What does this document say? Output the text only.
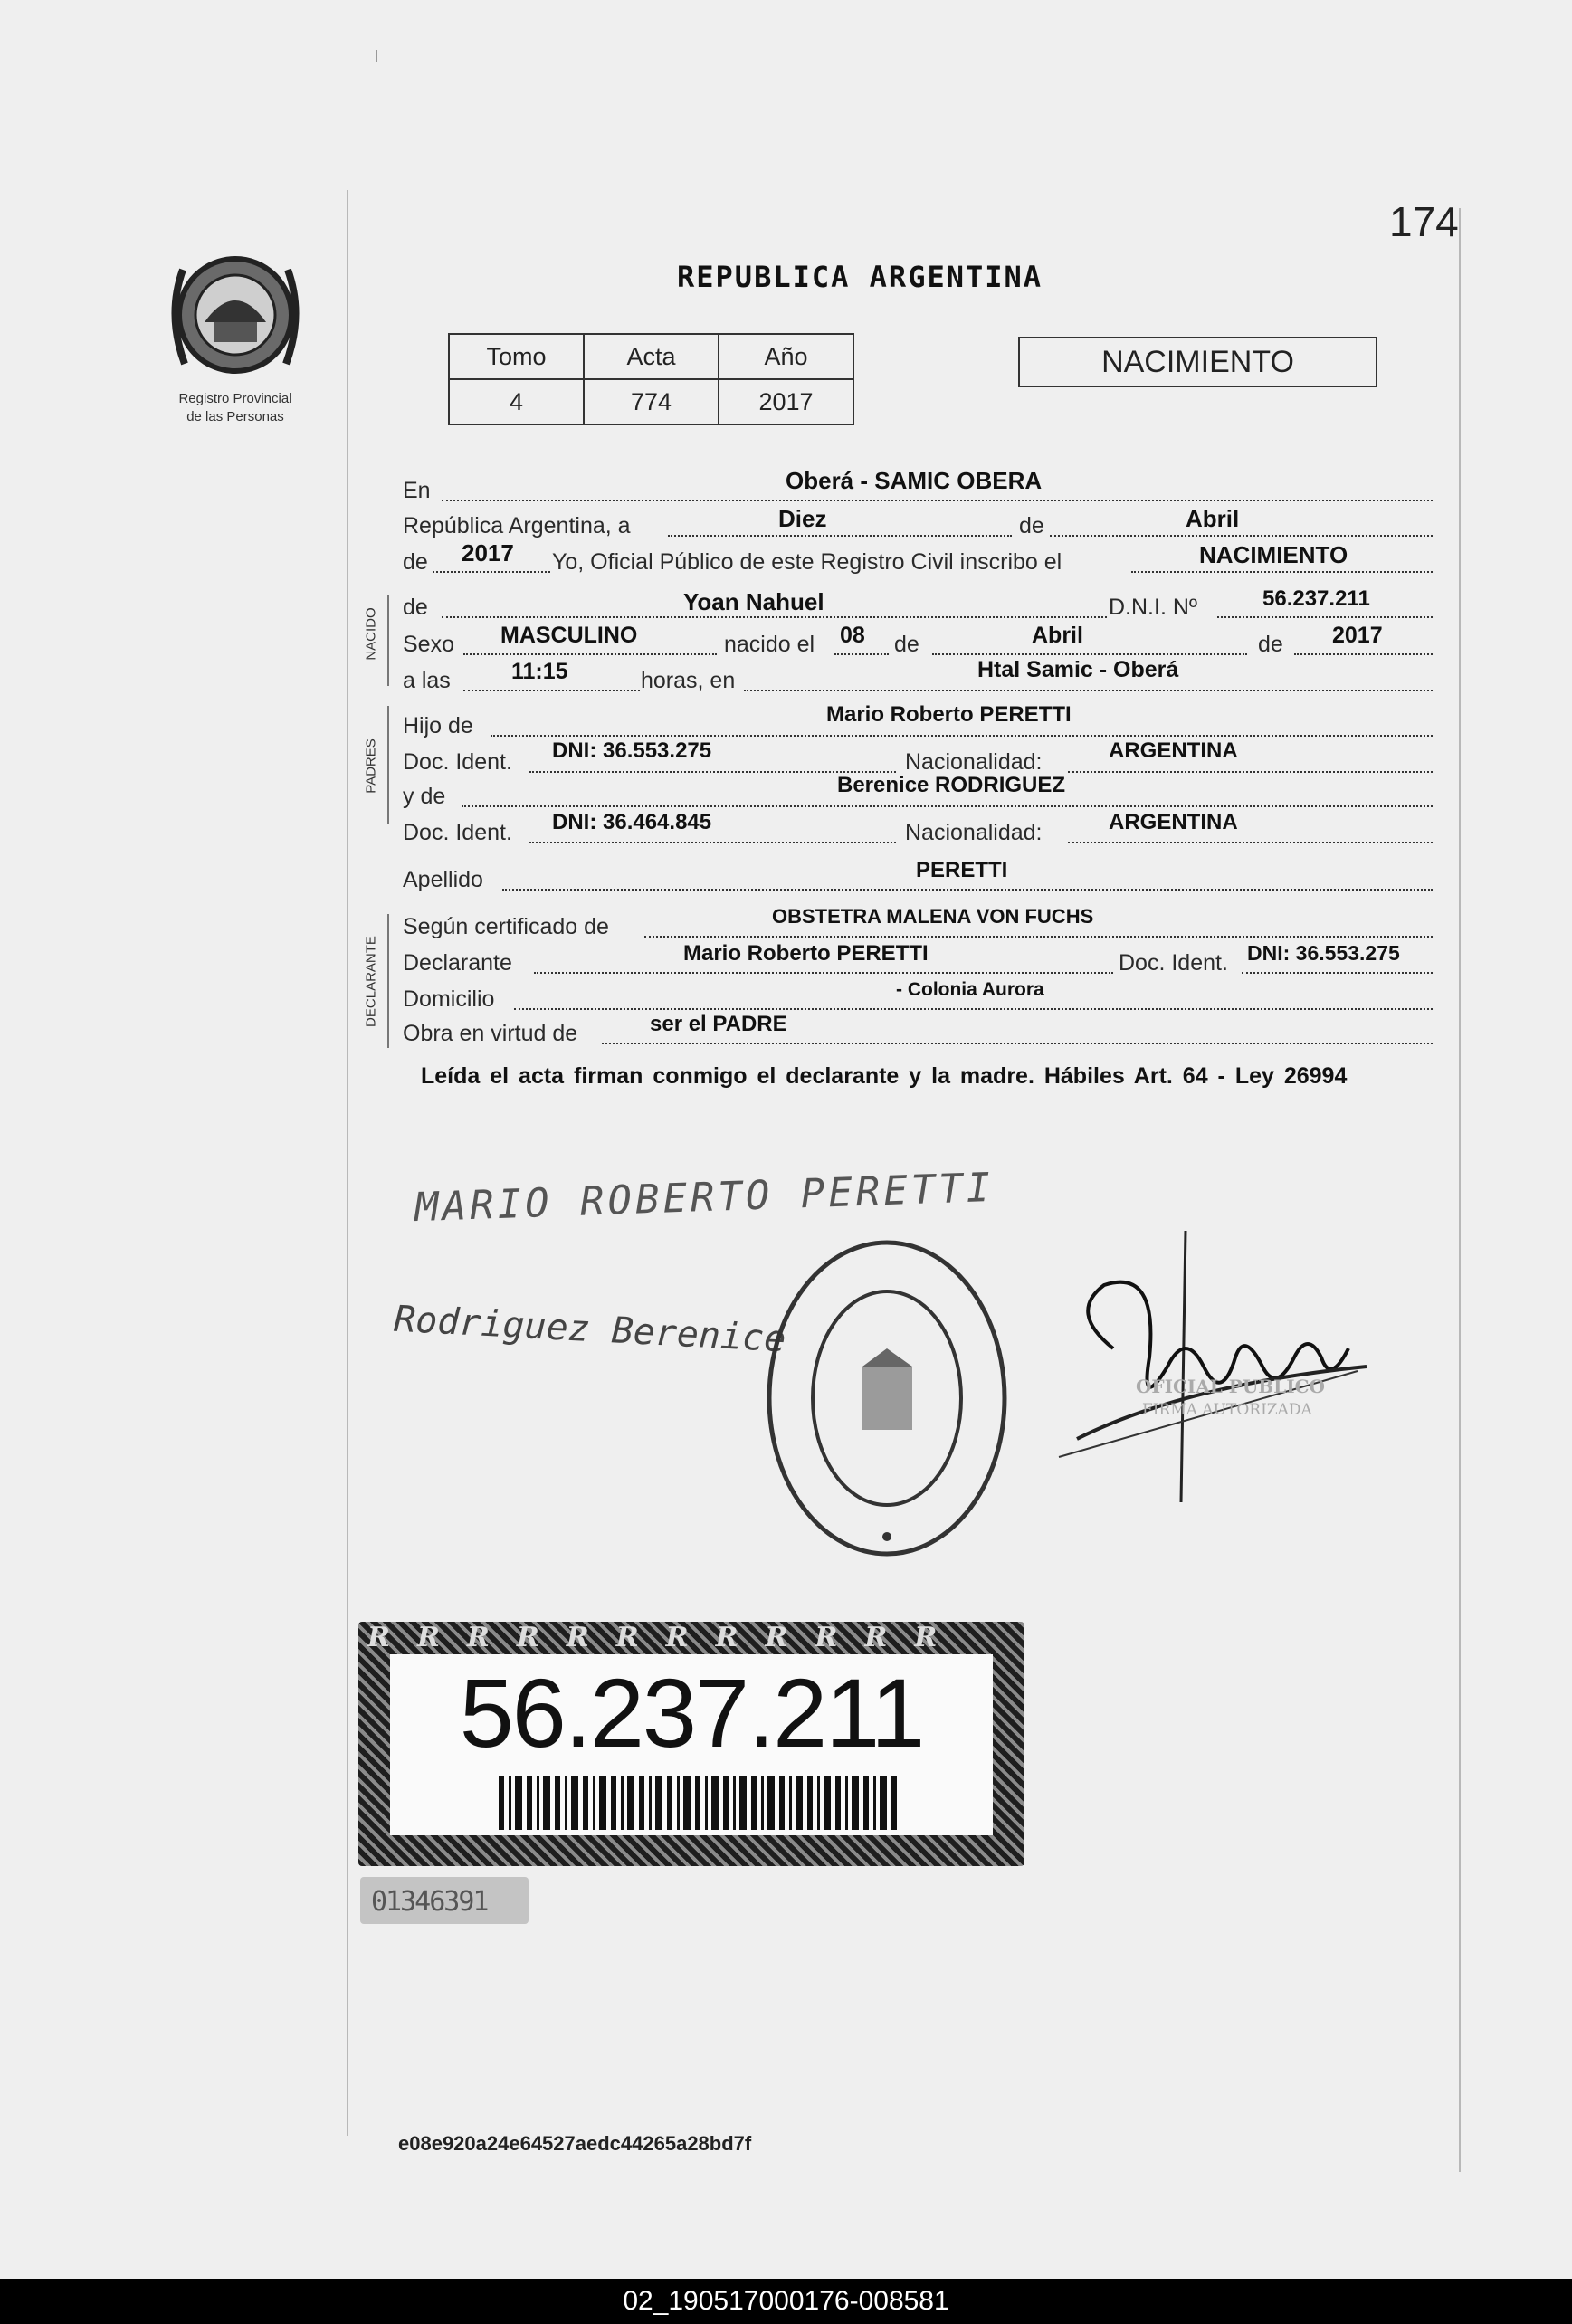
174
Registro Provincial
de las Personas
REPUBLICA ARGENTINA
Tomo	Acta	Año
4	774	2017
NACIMIENTO
NACIDO
PADRES
DECLARANTE
En	Oberá - SAMIC OBERA
República Argentina, a	Diez	de	Abril
de 2017 Yo, Oficial Público de este Registro Civil inscribo el	NACIMIENTO
de	Yoan Nahuel	D.N.I. Nº	56.237.211
Sexo MASCULINO	nacido el 08 de	Abril	de 2017
a las	11:15	horas, en	Htal Samic - Oberá
Hijo de	Mario Roberto PERETTI
Doc. Ident. DNI: 36.553.275	Nacionalidad:	ARGENTINA
y de	Berenice RODRIGUEZ
Doc. Ident. DNI: 36.464.845	Nacionalidad:	ARGENTINA
Apellido	PERETTI
Según certificado de	OBSTETRA MALENA VON FUCHS
Declarante	Mario Roberto PERETTI	Doc. Ident. DNI: 36.553.275
Domicilio	- Colonia Aurora
Obra en virtud de	ser el PADRE
Leída el acta firman conmigo el declarante y la madre. Hábiles Art. 64 - Ley 26994
MARIO ROBERTO PERETTI
Rodriguez Berenice
OFICIAL PUBLICO
FIRMA AUTORIZADA
RRRRRRRRRRRR
56.237.211
01346391
e08e920a24e64527aedc44265a28bd7f
02_190517000176-008581
